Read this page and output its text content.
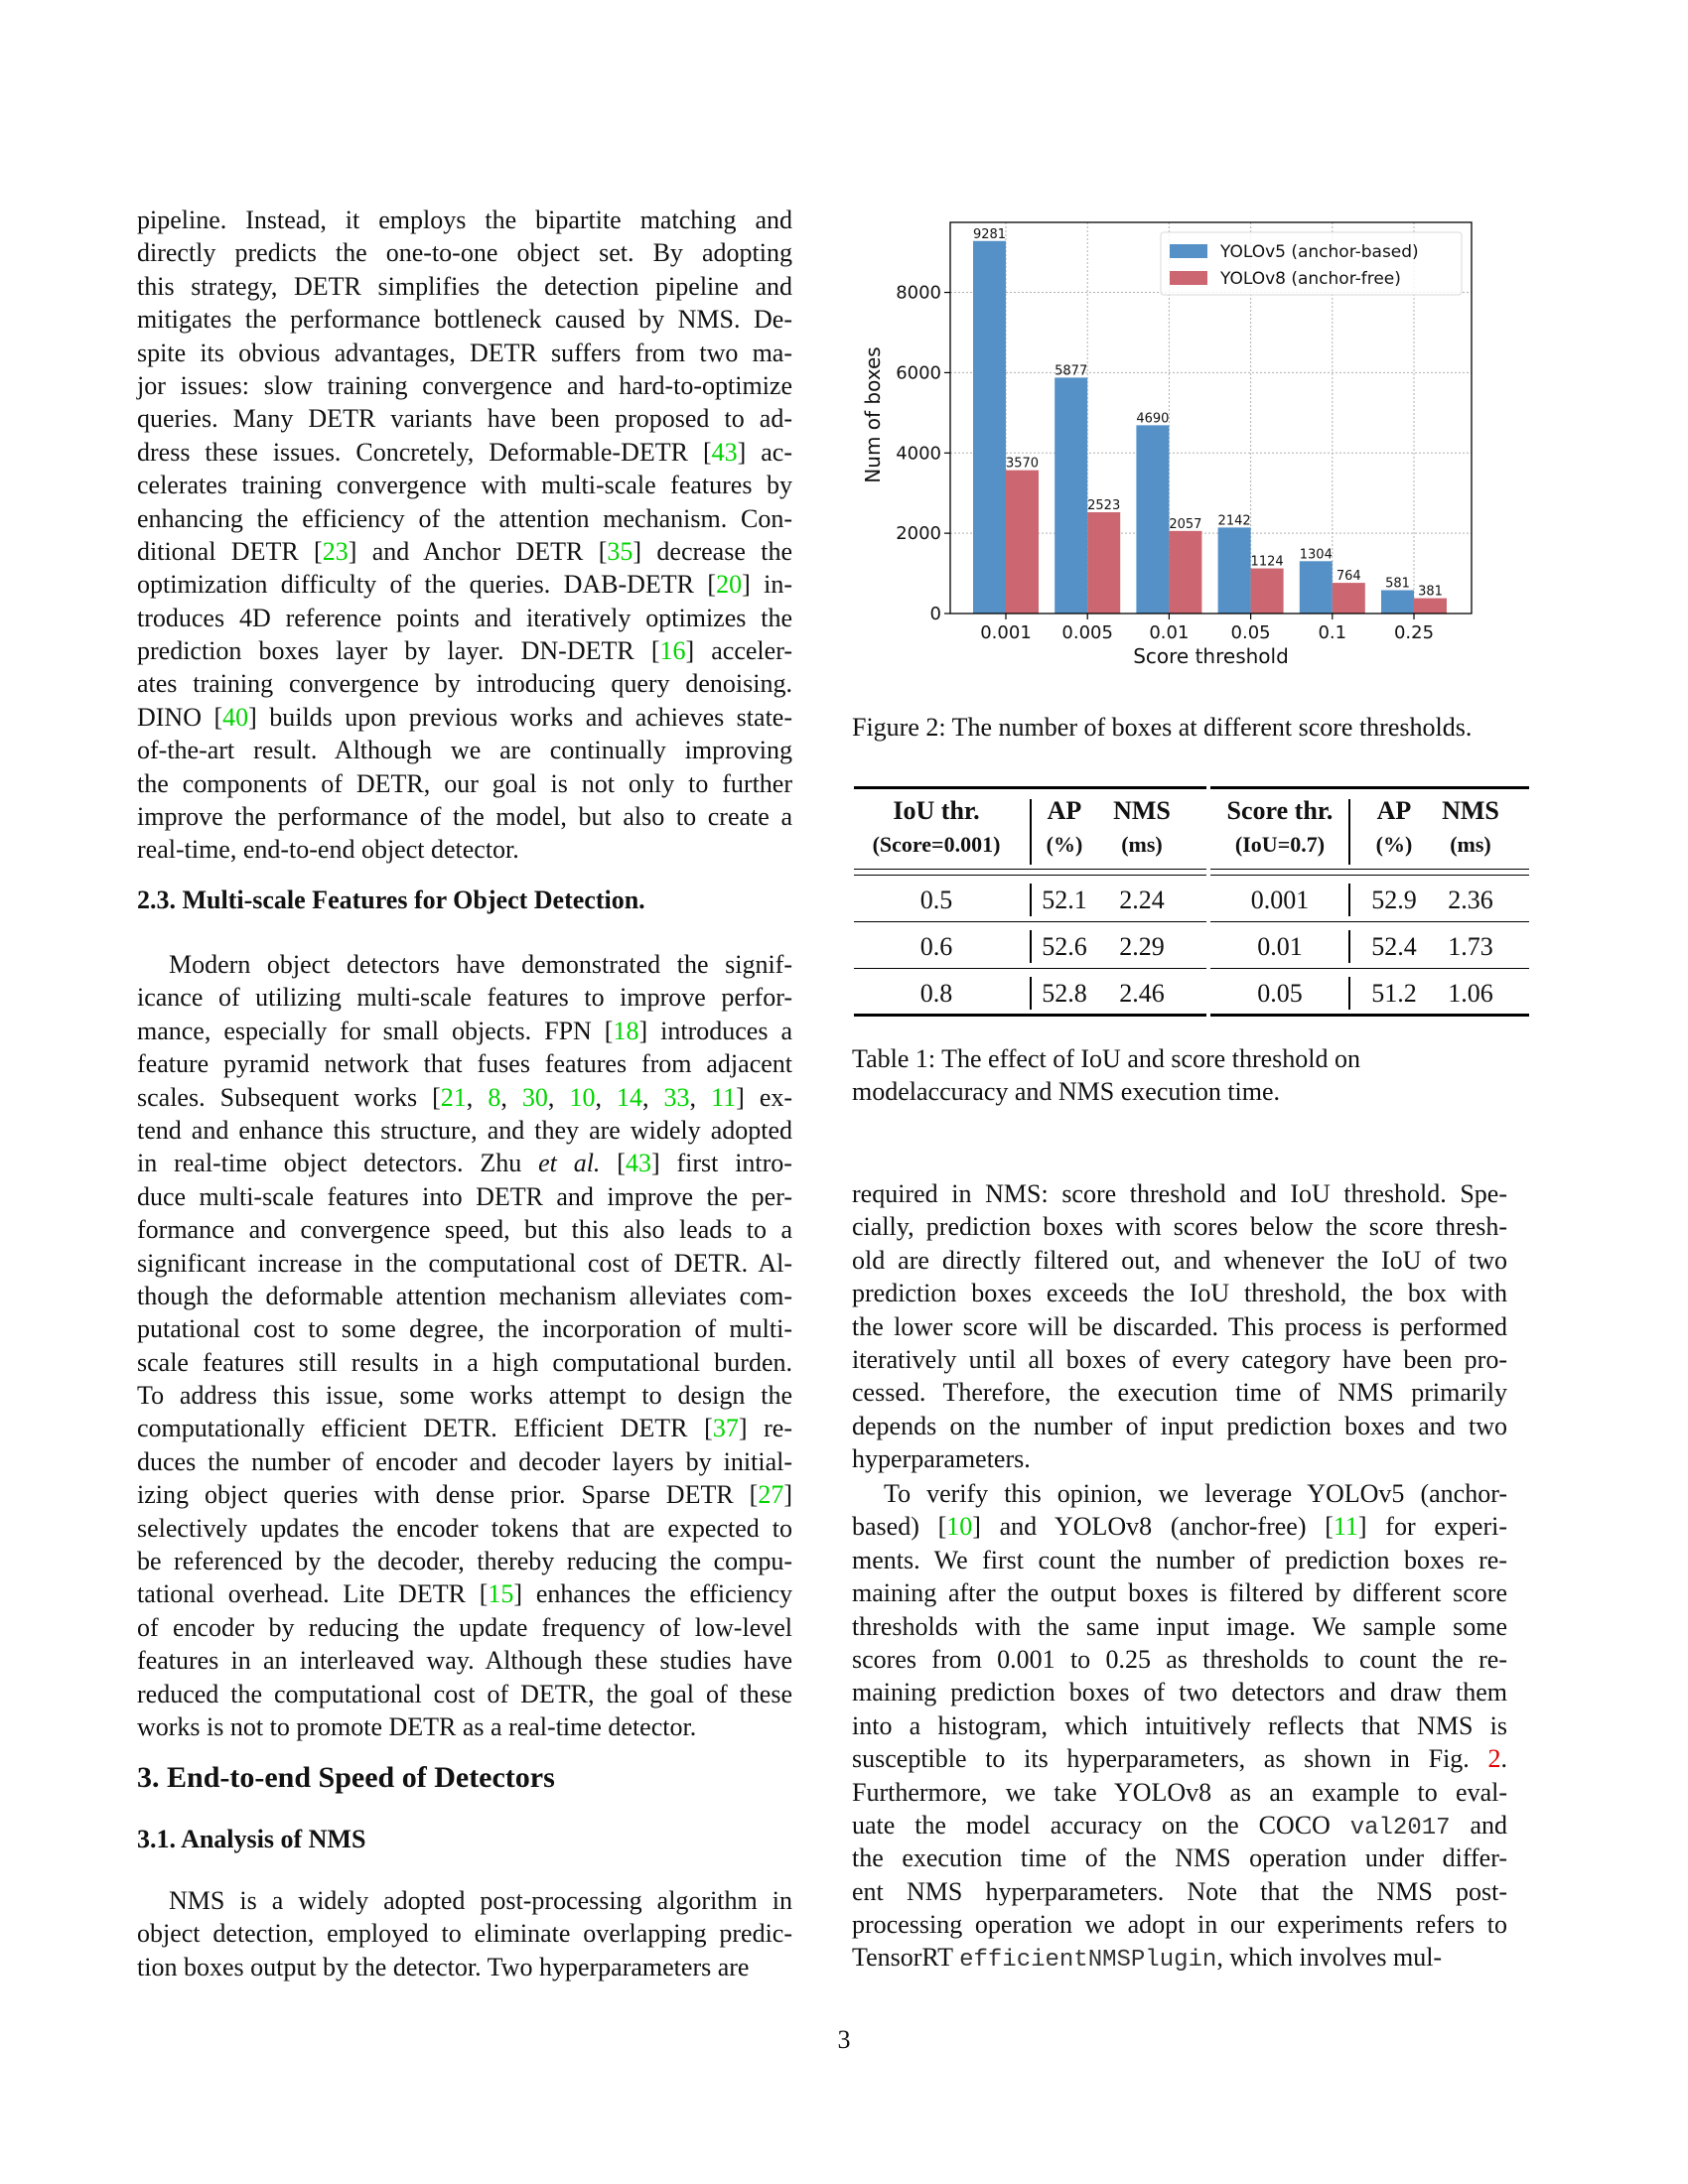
pipeline. Instead, it employs the bipartite matching and
directly predicts the one-to-one object set. By adopting
this strategy, DETR simplifies the detection pipeline and
mitigates the performance bottleneck caused by NMS. De-
spite its obvious advantages, DETR suffers from two ma-
jor issues: slow training convergence and hard-to-optimize
queries. Many DETR variants have been proposed to ad-
dress these issues. Concretely, Deformable-DETR [43] ac-
celerates training convergence with multi-scale features by
enhancing the efficiency of the attention mechanism. Con-
ditional DETR [23] and Anchor DETR [35] decrease the
optimization difficulty of the queries. DAB-DETR [20] in-
troduces 4D reference points and iteratively optimizes the
prediction boxes layer by layer. DN-DETR [16] acceler-
ates training convergence by introducing query denoising.
DINO [40] builds upon previous works and achieves state-
of-the-art result. Although we are continually improving
the components of DETR, our goal is not only to further
improve the performance of the model, but also to create a
real-time, end-to-end object detector.
2.3. Multi-scale Features for Object Detection.
Modern object detectors have demonstrated the signif-
icance of utilizing multi-scale features to improve perfor-
mance, especially for small objects. FPN [18] introduces a
feature pyramid network that fuses features from adjacent
scales. Subsequent works [21, 8, 30, 10, 14, 33, 11] ex-
tend and enhance this structure, and they are widely adopted
in real-time object detectors. Zhu et al. [43] first intro-
duce multi-scale features into DETR and improve the per-
formance and convergence speed, but this also leads to a
significant increase in the computational cost of DETR. Al-
though the deformable attention mechanism alleviates com-
putational cost to some degree, the incorporation of multi-
scale features still results in a high computational burden.
To address this issue, some works attempt to design the
computationally efficient DETR. Efficient DETR [37] re-
duces the number of encoder and decoder layers by initial-
izing object queries with dense prior. Sparse DETR [27]
selectively updates the encoder tokens that are expected to
be referenced by the decoder, thereby reducing the compu-
tational overhead. Lite DETR [15] enhances the efficiency
of encoder by reducing the update frequency of low-level
features in an interleaved way. Although these studies have
reduced the computational cost of DETR, the goal of these
works is not to promote DETR as a real-time detector.
3. End-to-end Speed of Detectors
3.1. Analysis of NMS
NMS is a widely adopted post-processing algorithm in
object detection, employed to eliminate overlapping predic-
tion boxes output by the detector. Two hyperparameters are
9281
5877
4690
2142
1304
581
3570
2523
2057
1124
764
381
0
2000
4000
6000
8000
0.001 0.005 0.01 0.05	0.1	0.25
Score threshold
Num of boxes
YOLOv5 (anchor-based)
YOLOv8 (anchor-free)
Figure 2: The number of boxes at different score thresholds.
IoU thr.
(Score=0.001)
AP
(%)
NMS
(ms)
0.5	52.1	2.24
0.6	52.6	2.29
0.8	52.8	2.46
Score thr.
(IoU=0.7)
AP
(%)
NMS
(ms)
0.001	52.9	2.36
0.01	52.4	1.73
0.05	51.2	1.06
Table 1: The effect of IoU and score threshold on modelaccuracy and NMS execution time.
required in NMS: score threshold and IoU threshold. Spe-
cially, prediction boxes with scores below the score thresh-
old are directly filtered out, and whenever the IoU of two
prediction boxes exceeds the IoU threshold, the box with
the lower score will be discarded. This process is performed
iteratively until all boxes of every category have been pro-
cessed. Therefore, the execution time of NMS primarily
depends on the number of input prediction boxes and two
hyperparameters.
To verify this opinion, we leverage YOLOv5 (anchor-
based) [10] and YOLOv8 (anchor-free) [11] for experi-
ments. We first count the number of prediction boxes re-
maining after the output boxes is filtered by different score
thresholds with the same input image. We sample some
scores from 0.001 to 0.25 as thresholds to count the re-
maining prediction boxes of two detectors and draw them
into a histogram, which intuitively reflects that NMS is
susceptible to its hyperparameters, as shown in Fig. 2.
Furthermore, we take YOLOv8 as an example to eval-
uate the model accuracy on the COCO val2017 and
the execution time of the NMS operation under differ-
ent NMS hyperparameters. Note that the NMS post-
processing operation we adopt in our experiments refers to
TensorRT efficientNMSPlugin, which involves mul-
3
